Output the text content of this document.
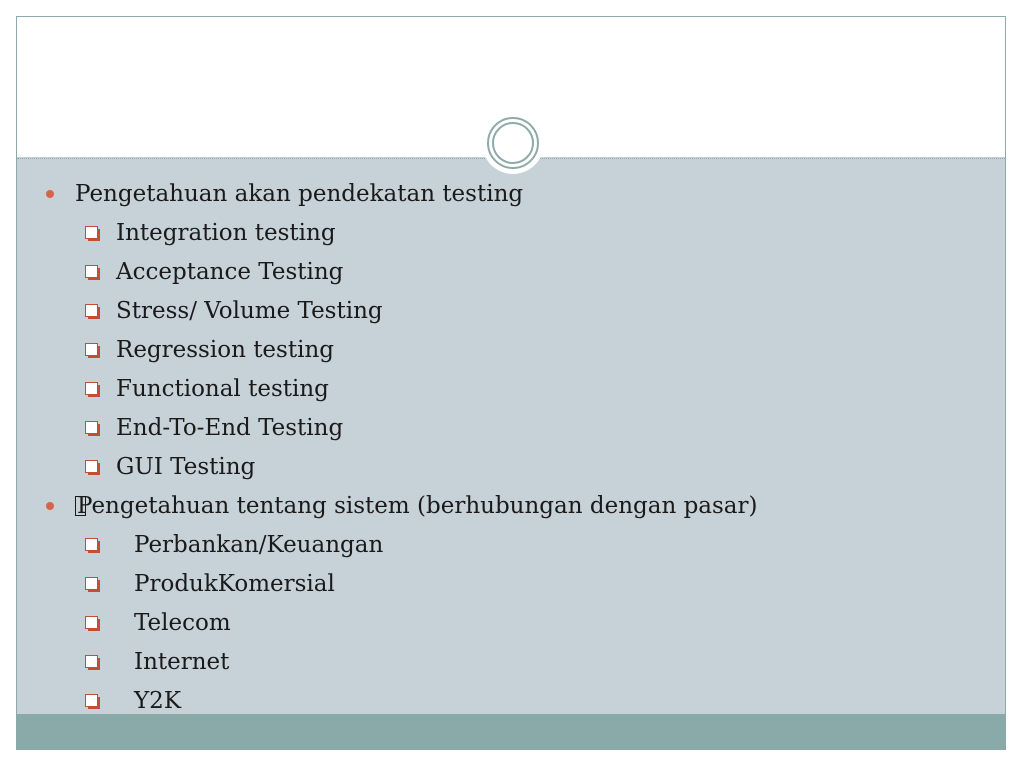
Pengetahuan akan pendekatan testing
Integration testing
Acceptance Testing
Stress/ Volume Testing
Regression testing
Functional testing
End-To-End Testing
GUI Testing
Pengetahuan tentang sistem (berhubungan dengan pasar)
Perbankan/Keuangan
ProdukKomersial
Telecom
Internet
Y2K
